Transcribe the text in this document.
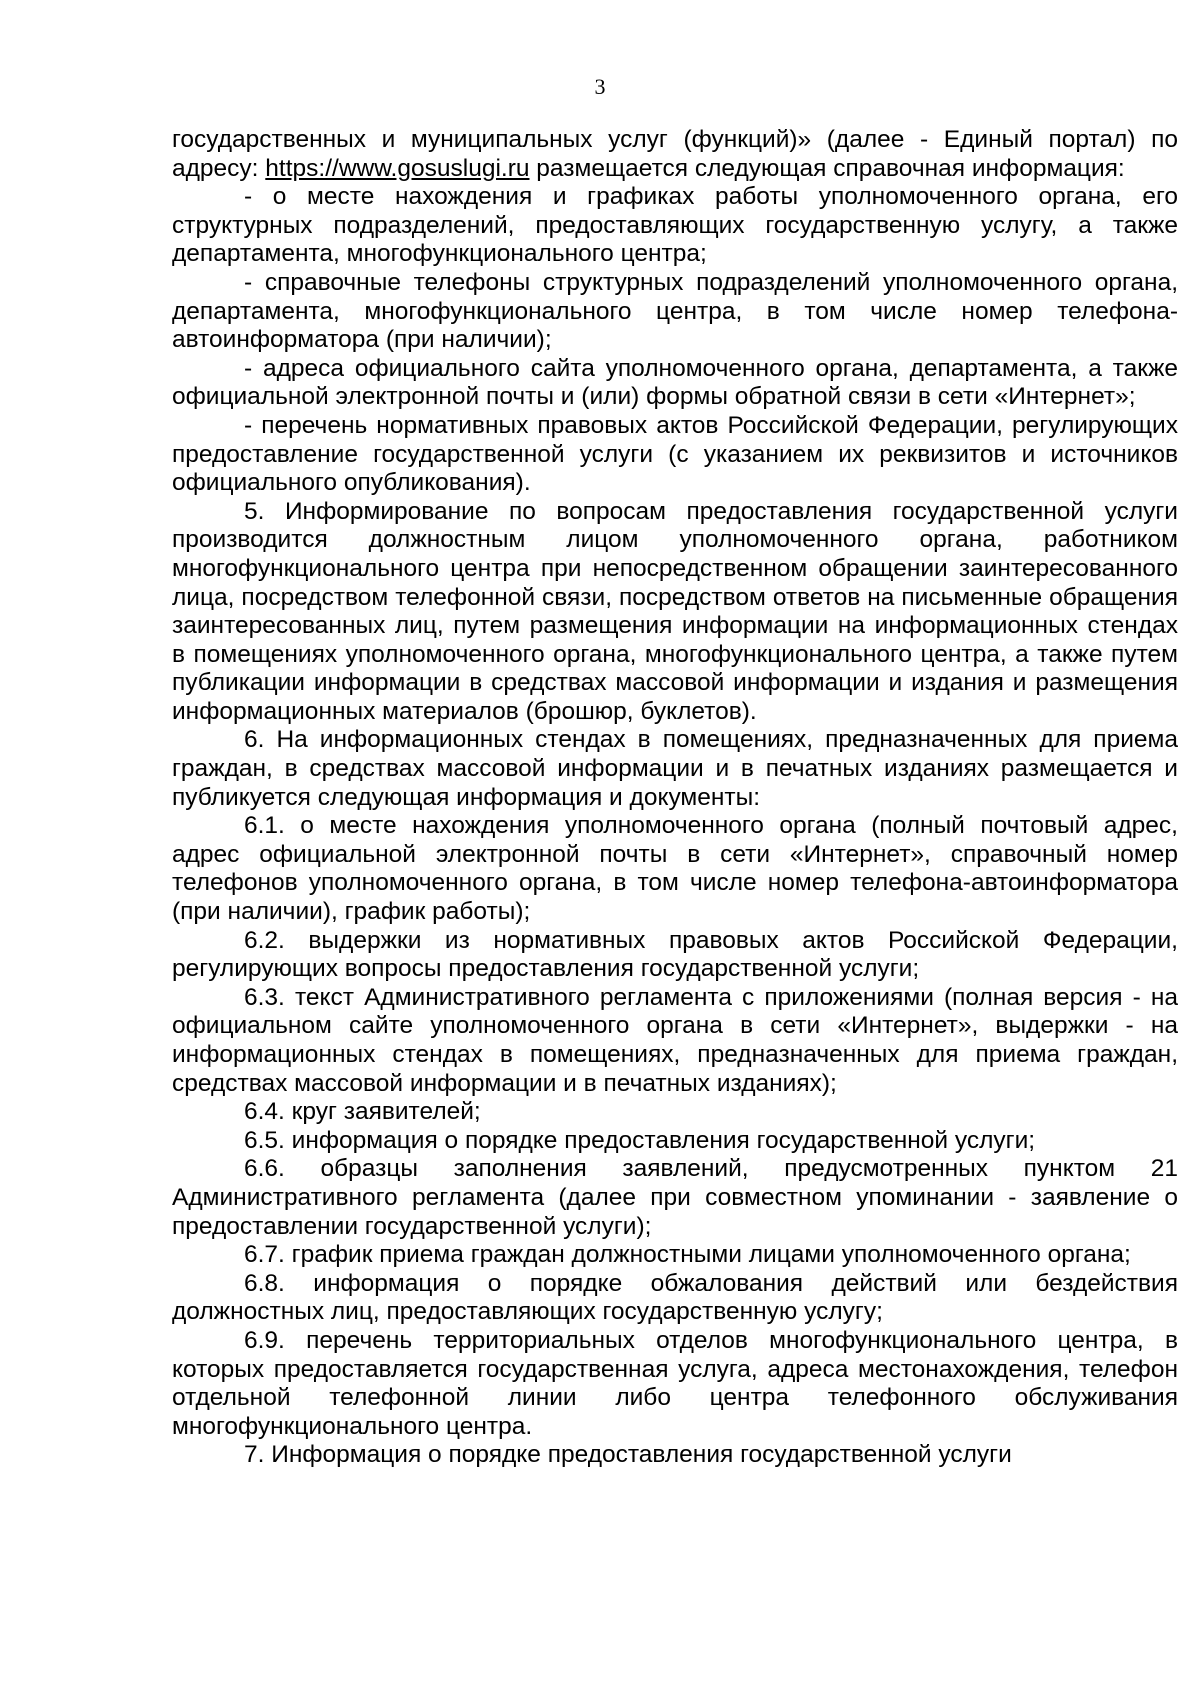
3

государственных и муниципальных услуг (функций)» (далее - Единый портал) по адресу: https://www.gosuslugi.ru размещается следующая справочная информация:

- о месте нахождения и графиках работы уполномоченного органа, его структурных подразделений, предоставляющих государственную услугу, а также департамента, многофункционального центра;

- справочные телефоны структурных подразделений уполномоченного органа, департамента, многофункционального центра, в том числе номер телефона-автоинформатора (при наличии);

- адреса официального сайта уполномоченного органа, департамента, а также официальной электронной почты и (или) формы обратной связи в сети «Интернет»;

- перечень нормативных правовых актов Российской Федерации, регулирующих предоставление государственной услуги (с указанием их реквизитов и источников официального опубликования).

5. Информирование по вопросам предоставления государственной услуги производится должностным лицом уполномоченного органа, работником многофункционального центра при непосредственном обращении заинтересованного лица, посредством телефонной связи, посредством ответов на письменные обращения заинтересованных лиц, путем размещения информации на информационных стендах в помещениях уполномоченного органа, многофункционального центра, а также путем публикации информации в средствах массовой информации и издания и размещения информационных материалов (брошюр, буклетов).

6. На информационных стендах в помещениях, предназначенных для приема граждан, в средствах массовой информации и в печатных изданиях размещается и публикуется следующая информация и документы:

6.1. о месте нахождения уполномоченного органа (полный почтовый адрес, адрес официальной электронной почты в сети «Интернет», справочный номер телефонов уполномоченного органа, в том числе номер телефона-автоинформатора (при наличии), график работы);

6.2. выдержки из нормативных правовых актов Российской Федерации, регулирующих вопросы предоставления государственной услуги;

6.3. текст Административного регламента с приложениями (полная версия - на официальном сайте уполномоченного органа в сети «Интернет», выдержки - на информационных стендах в помещениях, предназначенных для приема граждан, средствах массовой информации и в печатных изданиях);

6.4. круг заявителей;

6.5. информация о порядке предоставления государственной услуги;

6.6. образцы заполнения заявлений, предусмотренных пунктом 21 Административного регламента (далее при совместном упоминании - заявление о предоставлении государственной услуги);

6.7. график приема граждан должностными лицами уполномоченного органа;

6.8. информация о порядке обжалования действий или бездействия должностных лиц, предоставляющих государственную услугу;

6.9. перечень территориальных отделов многофункционального центра, в которых предоставляется государственная услуга, адреса местонахождения, телефон отдельной телефонной линии либо центра телефонного обслуживания многофункционального центра.

7. Информация о порядке предоставления государственной услуги
